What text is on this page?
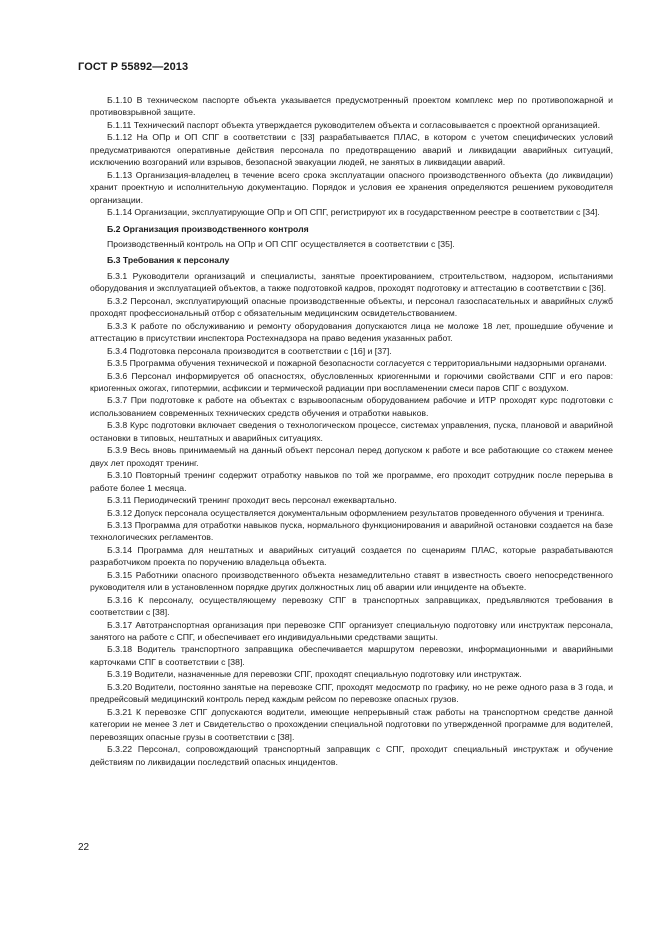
ГОСТ Р 55892—2013

Б.1.10 В техническом паспорте объекта указывается предусмотренный проектом комплекс мер по противопожарной и противовзрывной защите.

Б.1.11 Технический паспорт объекта утверждается руководителем объекта и согласовывается с проектной организацией.

Б.1.12 На ОПр и ОП СПГ в соответствии с [33] разрабатывается ПЛАС, в котором с учетом специфических условий предусматриваются оперативные действия персонала по предотвращению аварий и ликвидации аварийных ситуаций, исключению возгораний или взрывов, безопасной эвакуации людей, не занятых в ликвидации аварий.

Б.1.13 Организация-владелец в течение всего срока эксплуатации опасного производственного объекта (до ликвидации) хранит проектную и исполнительную документацию. Порядок и условия ее хранения определяются решением руководителя организации.

Б.1.14 Организации, эксплуатирующие ОПр и ОП СПГ, регистрируют их в государственном реестре в соответствии с [34].

Б.2 Организация производственного контроля

Производственный контроль на ОПр и ОП СПГ осуществляется в соответствии с [35].

Б.3 Требования к персоналу

Б.3.1 Руководители организаций и специалисты, занятые проектированием, строительством, надзором, испытаниями оборудования и эксплуатацией объектов, а также подготовкой кадров, проходят подготовку и аттестацию в соответствии с [36].

Б.3.2 Персонал, эксплуатирующий опасные производственные объекты, и персонал газоспасательных и аварийных служб проходят профессиональный отбор с обязательным медицинским освидетельствованием.

Б.3.3 К работе по обслуживанию и ремонту оборудования допускаются лица не моложе 18 лет, прошедшие обучение и аттестацию в присутствии инспектора Ростехнадзора на право ведения указанных работ.

Б.3.4 Подготовка персонала производится в соответствии с [16] и [37].

Б.3.5 Программа обучения технической и пожарной безопасности согласуется с территориальными надзорными органами.

Б.3.6 Персонал информируется об опасностях, обусловленных криогенными и горючими свойствами СПГ и его паров: криогенных ожогах, гипотермии, асфиксии и термической радиации при воспламенении смеси паров СПГ с воздухом.

Б.3.7 При подготовке к работе на объектах с взрывоопасным оборудованием рабочие и ИТР проходят курс подготовки с использованием современных технических средств обучения и отработки навыков.

Б.3.8 Курс подготовки включает сведения о технологическом процессе, системах управления, пуска, плановой и аварийной остановки в типовых, нештатных и аварийных ситуациях.

Б.3.9 Весь вновь принимаемый на данный объект персонал перед допуском к работе и все работающие со стажем менее двух лет проходят тренинг.

Б.3.10 Повторный тренинг содержит отработку навыков по той же программе, его проходит сотрудник после перерыва в работе более 1 месяца.

Б.3.11 Периодический тренинг проходит весь персонал ежеквартально.

Б.3.12 Допуск персонала осуществляется документальным оформлением результатов проведенного обучения и тренинга.

Б.3.13 Программа для отработки навыков пуска, нормального функционирования и аварийной остановки создается на базе технологических регламентов.

Б.3.14 Программа для нештатных и аварийных ситуаций создается по сценариям ПЛАС, которые разрабатываются разработчиком проекта по поручению владельца объекта.

Б.3.15 Работники опасного производственного объекта незамедлительно ставят в известность своего непосредственного руководителя или в установленном порядке других должностных лиц об аварии или инциденте на объекте.

Б.3.16 К персоналу, осуществляющему перевозку СПГ в транспортных заправщиках, предъявляются требования в соответствии с [38].

Б.3.17 Автотранспортная организация при перевозке СПГ организует специальную подготовку или инструктаж персонала, занятого на работе с СПГ, и обеспечивает его индивидуальными средствами защиты.

Б.3.18 Водитель транспортного заправщика обеспечивается маршрутом перевозки, информационными и аварийными карточками СПГ в соответствии с [38].

Б.3.19 Водители, назначенные для перевозки СПГ, проходят специальную подготовку или инструктаж.

Б.3.20 Водители, постоянно занятые на перевозке СПГ, проходят медосмотр по графику, но не реже одного раза в 3 года, и предрейсовый медицинский контроль перед каждым рейсом по перевозке опасных грузов.

Б.3.21 К перевозке СПГ допускаются водители, имеющие непрерывный стаж работы на транспортном средстве данной категории не менее 3 лет и Свидетельство о прохождении специальной подготовки по утвержденной программе для водителей, перевозящих опасные грузы в соответствии с [38].

Б.3.22 Персонал, сопровождающий транспортный заправщик с СПГ, проходит специальный инструктаж и обучение действиям по ликвидации последствий опасных инцидентов.

22
